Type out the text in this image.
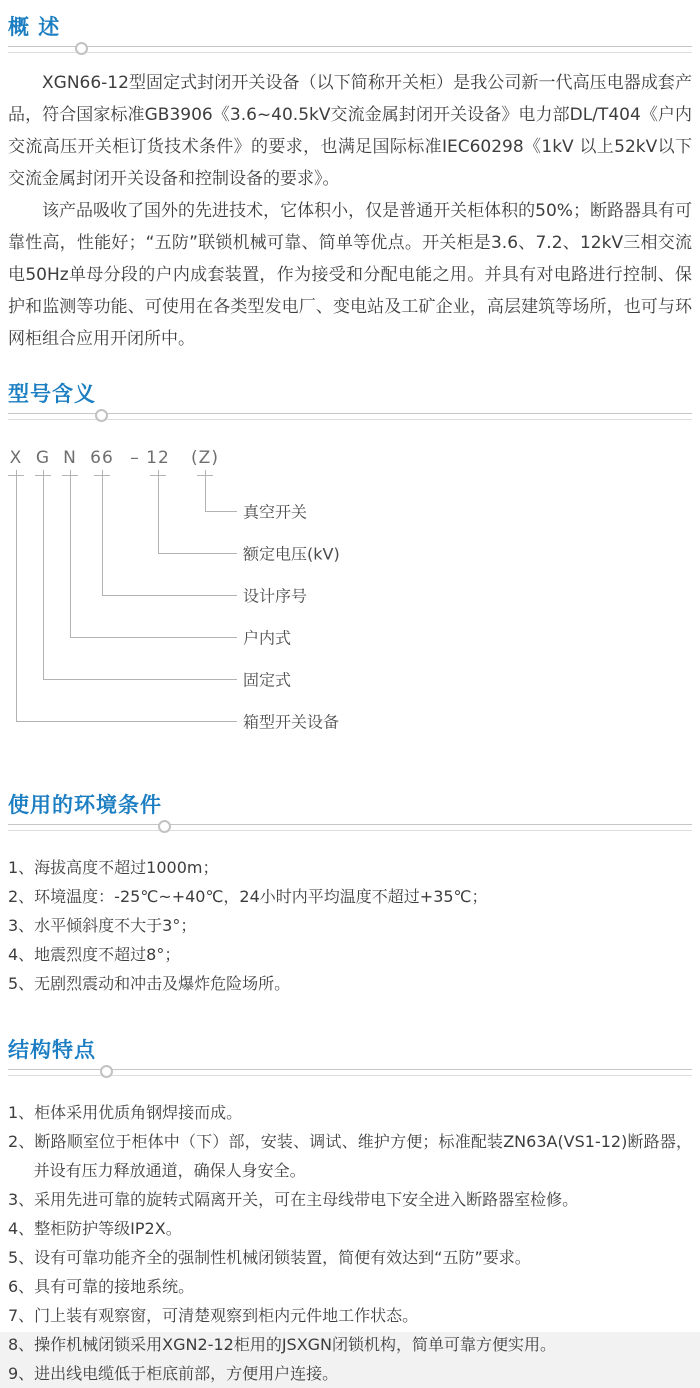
概 述

XGN66-12型固定式封闭开关设备（以下简称开关柜）是我公司新一代高压电器成套产品，符合国家标准GB3906《3.6~40.5kV交流金属封闭开关设备》电力部DL/T404《户内交流高压开关柜订货技术条件》的要求，也满足国际标准IEC60298《1kV 以上52kV以下交流金属封闭开关设备和控制设备的要求》。

该产品吸收了国外的先进技术，它体积小，仅是普通开关柜体积的50%；断路器具有可靠性高，性能好；“五防”联锁机械可靠、简单等优点。开关柜是3.6、7.2、12kV三相交流电50Hz单母分段的户内成套装置，作为接受和分配电能之用。并具有对电路进行控制、保护和监测等功能、可使用在各类型发电厂、变电站及工矿企业，高层建筑等场所，也可与环网柜组合应用开闭所中。

型号含义
X G N 66 – 12 (Z)
真空开关
额定电压(kV)
设计序号
户内式
固定式
箱型开关设备
使用的环境条件
1、海拔高度不超过1000m；
2、环境温度：-25℃~+40℃，24小时内平均温度不超过+35℃；
3、水平倾斜度不大于3°；
4、地震烈度不超过8°；
5、无剧烈震动和冲击及爆炸危险场所。
结构特点
1、柜体采用优质角钢焊接而成。
2、断路顺室位于柜体中（下）部，安装、调试、维护方便；标准配装ZN63A(VS1-12)断路器，并设有压力释放通道，确保人身安全。
3、采用先进可靠的旋转式隔离开关，可在主母线带电下安全进入断路器室检修。
4、整柜防护等级IP2X。
5、设有可靠功能齐全的强制性机械闭锁装置，简便有效达到“五防”要求。
6、具有可靠的接地系统。
7、门上装有观察窗，可清楚观察到柜内元件地工作状态。
8、操作机械闭锁采用XGN2-12柜用的JSXGN闭锁机构，简单可靠方便实用。
9、进出线电缆低于柜底前部，方便用户连接。
